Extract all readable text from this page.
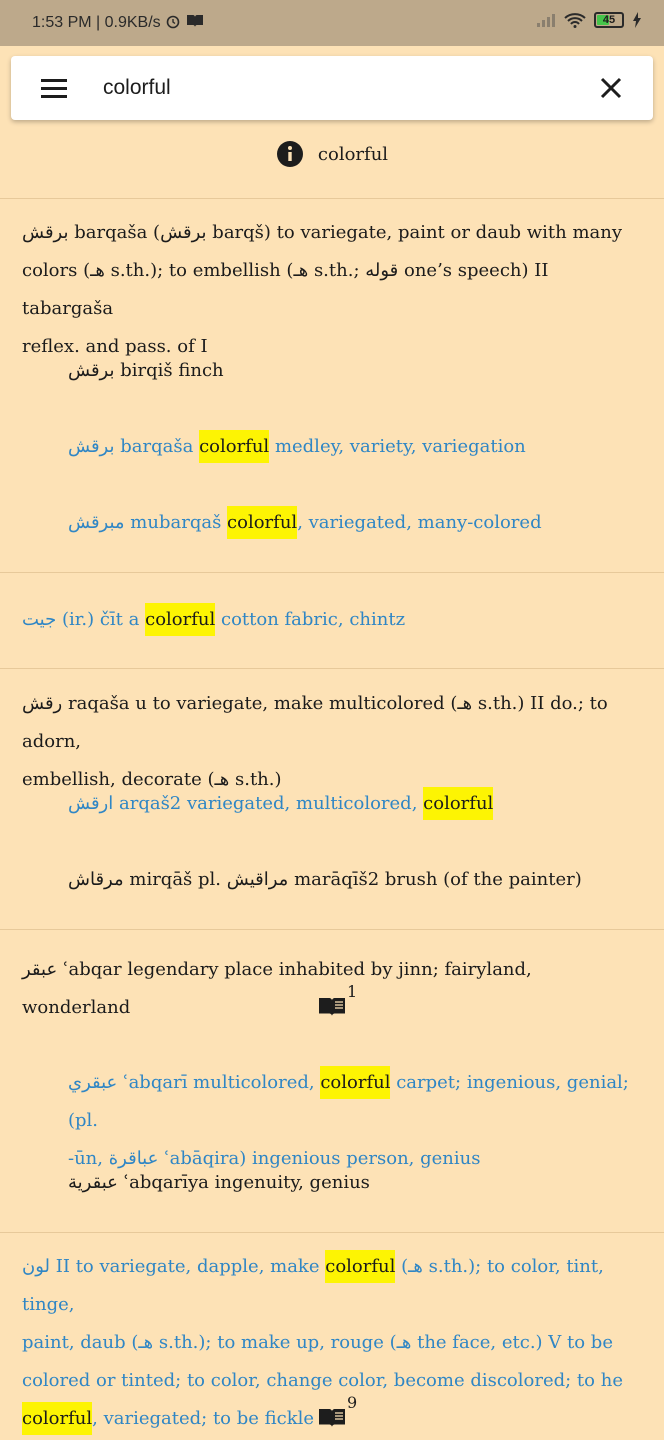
1:53 PM | 0.9KB/s	45
colorful
colorful
برقش barqaša (برقش barqš) to variegate, paint or daub with many
colors (هـ s.th.); to embellish (هـ s.th.; قوله one’s speech) II tabargaša
reflex. and pass. of I
برقش birqiš finch
برقش barqaša colorful medley, variety, variegation
مبرقش mubarqaš colorful, variegated, many-colored
جيت (ir.) čīt a colorful cotton fabric, chintz
رقش raqaša u to variegate, make multicolored (هـ s.th.) II do.; to adorn,
embellish, decorate (هـ s.th.)
ارقش arqaš2 variegated, multicolored, colorful
مرقاش mirqāš pl. مراقيش marāqīš2 brush (of the painter)
عبقر ʿabqar legendary place inhabited by jinn; fairyland, wonderland
1
عبقري ʿabqarī multicolored, colorful carpet; ingenious, genial; (pl.
-ūn, عباقرة ʿabāqira) ingenious person, genius
عبقرية ʿabqarīya ingenuity, genius
لون II to variegate, dapple, make colorful (هـ s.th.); to color, tint, tinge,
paint, daub (هـ s.th.); to make up, rouge (هـ the face, etc.) V to be
colored or tinted; to color, change color, become discolored; to he
colorful, variegated; to be fickle
9
